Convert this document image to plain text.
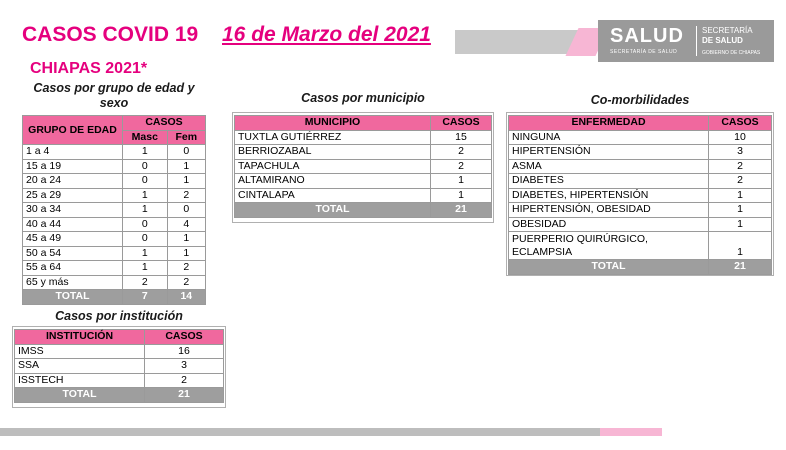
CASOS COVID 19 16 de Marzo del 2021
CHIAPAS 2021*
SALUD
SECRETARÍA DE SALUD
SECRETARÍA
DE SALUD
GOBIERNO DE CHIAPAS
Casos por grupo de edad y sexo
GRUPO DE EDAD	CASOS	
	Masc	Fem
1 a 4	1	0
15 a 19	0	1
20 a 24	0	1
25 a 29	1	2
30 a 34	1	0
40 a 44	0	4
45 a 49	0	1
50 a 54	1	1
55 a 64	1	2
65 y más	2	2
TOTAL	7	14
Casos por institución
INSTITUCIÓN	CASOS
IMSS	16
SSA	3
ISSTECH	2
TOTAL	21
Casos por municipio
MUNICIPIO	CASOS
TUXTLA GUTIÉRREZ	15
BERRIOZABAL	2
TAPACHULA	2
ALTAMIRANO	1
CINTALAPA	1
TOTAL	21
Co-morbilidades
ENFERMEDAD	CASOS
NINGUNA	10
HIPERTENSIÓN	3
ASMA	2
DIABETES	2
DIABETES, HIPERTENSIÓN	1
HIPERTENSIÓN, OBESIDAD	1
OBESIDAD	1
PUERPERIO QUIRÚRGICO,
ECLAMPSIA	1
TOTAL	21
